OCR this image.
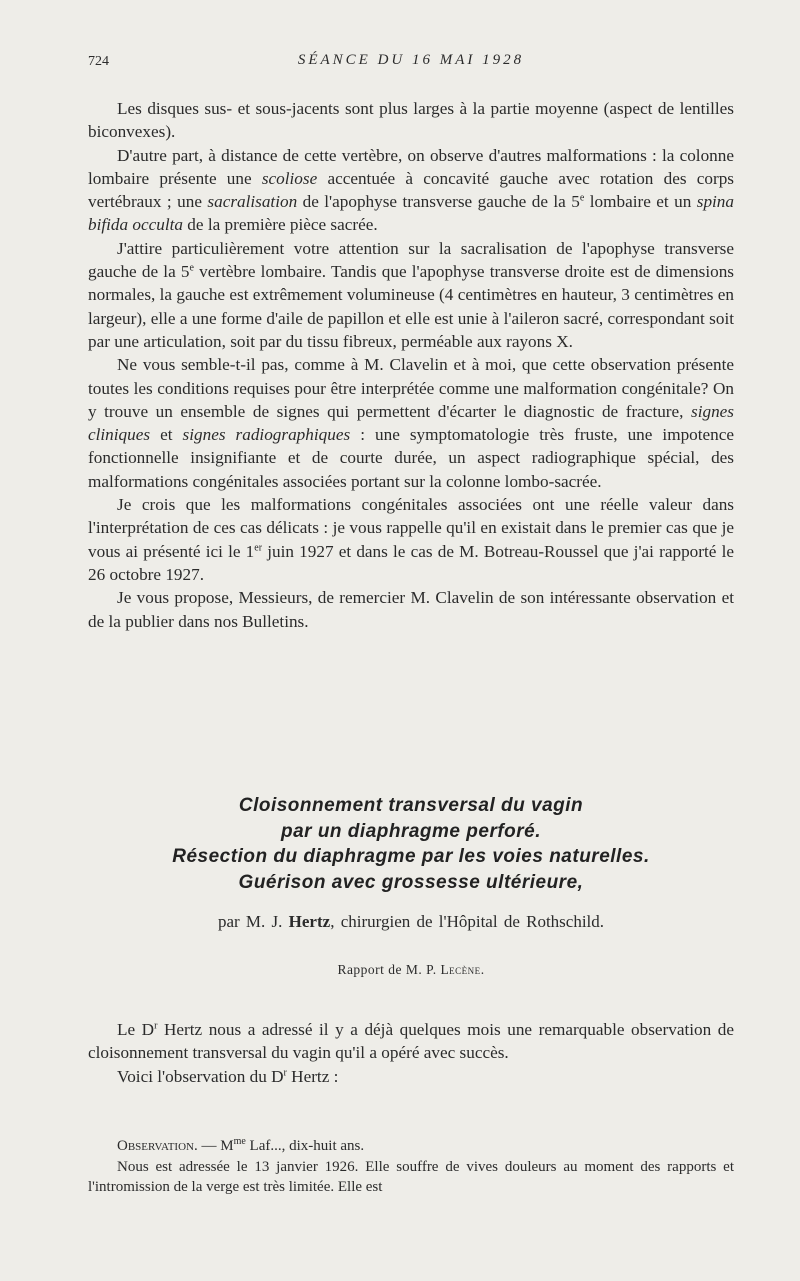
724	SÉANCE DU 16 MAI 1928

Les disques sus- et sous-jacents sont plus larges à la partie moyenne (aspect de lentilles biconvexes).

D'autre part, à distance de cette vertèbre, on observe d'autres malformations : la colonne lombaire présente une scoliose accentuée à concavité gauche avec rotation des corps vertébraux ; une sacralisation de l'apophyse transverse gauche de la 5e lombaire et un spina bifida occulta de la première pièce sacrée.

J'attire particulièrement votre attention sur la sacralisation de l'apophyse transverse gauche de la 5e vertèbre lombaire. Tandis que l'apophyse transverse droite est de dimensions normales, la gauche est extrêmement volumineuse (4 centimètres en hauteur, 3 centimètres en largeur), elle a une forme d'aile de papillon et elle est unie à l'aileron sacré, correspondant soit par une articulation, soit par du tissu fibreux, perméable aux rayons X.

Ne vous semble-t-il pas, comme à M. Clavelin et à moi, que cette observation présente toutes les conditions requises pour être interprétée comme une malformation congénitale? On y trouve un ensemble de signes qui permettent d'écarter le diagnostic de fracture, signes cliniques et signes radiographiques : une symptomatologie très fruste, une impotence fonctionnelle insignifiante et de courte durée, un aspect radiographique spécial, des malformations congénitales associées portant sur la colonne lombo-sacrée.

Je crois que les malformations congénitales associées ont une réelle valeur dans l'interprétation de ces cas délicats : je vous rappelle qu'il en existait dans le premier cas que je vous ai présenté ici le 1er juin 1927 et dans le cas de M. Botreau-Roussel que j'ai rapporté le 26 octobre 1927.

Je vous propose, Messieurs, de remercier M. Clavelin de son intéressante observation et de la publier dans nos Bulletins.

Cloisonnement transversal du vagin
par un diaphragme perforé.
Résection du diaphragme par les voies naturelles.
Guérison avec grossesse ultérieure,
par M. J. Hertz, chirurgien de l'Hôpital de Rothschild.
Rapport de M. P. Lecène.

Le $D^r$ Hertz nous a adressé il y a déjà quelques mois une remarquable observation de cloisonnement transversal du vagin qu'il a opéré avec succès.

Voici l'observation du $D^r$ Hertz :

Observation. — $M^{me}$ Laf..., dix-huit ans.

Nous est adressée le 13 janvier 1926. Elle souffre de vives douleurs au moment des rapports et l'intromission de la verge est très limitée. Elle est
